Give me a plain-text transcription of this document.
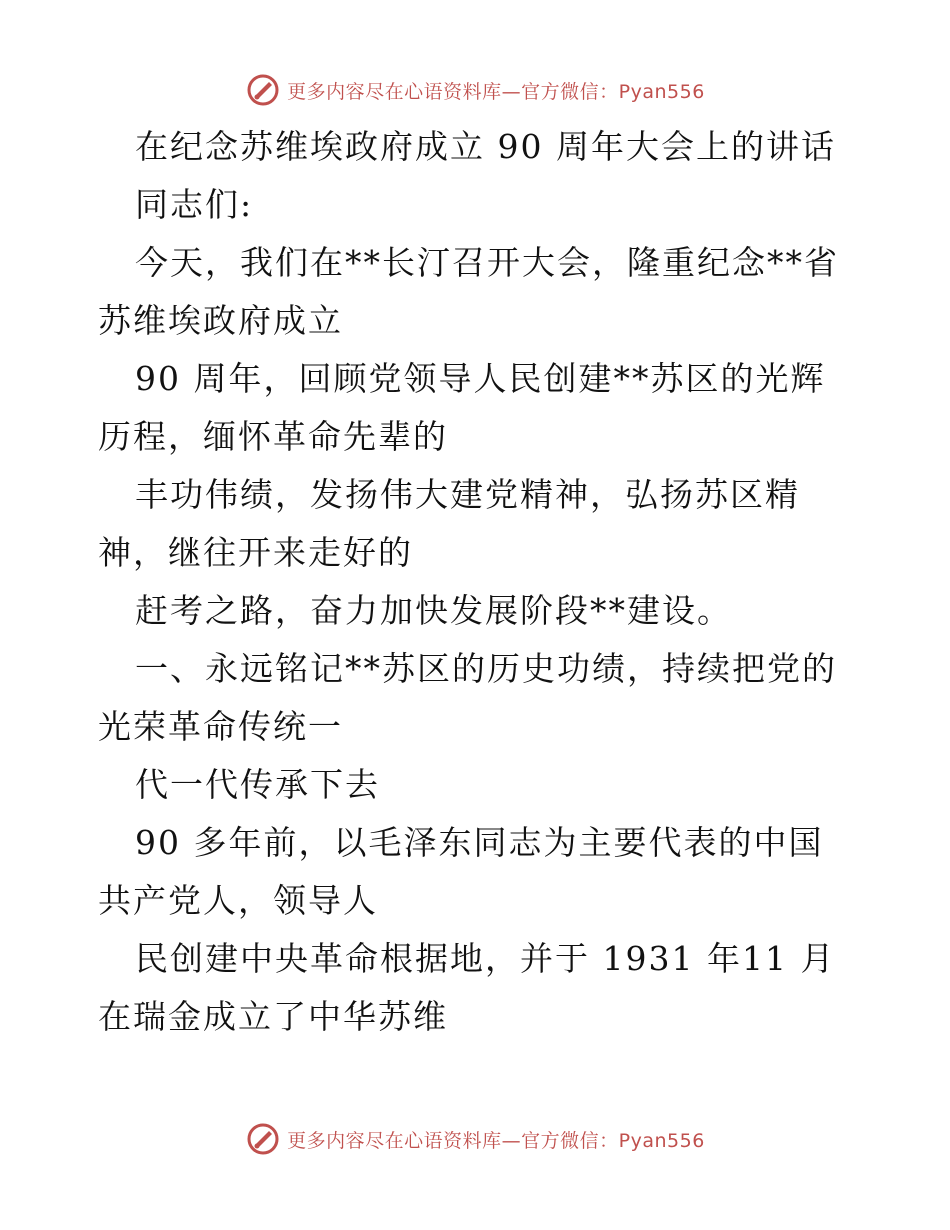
更多内容尽在心语资料库—官方微信：Pyan556

在纪念苏维埃政府成立 90 周年大会上的讲话

同志们:

今天，我们在**长汀召开大会，隆重纪念**省苏维埃政府成立

90 周年，回顾党领导人民创建**苏区的光辉历程，缅怀革命先辈的

丰功伟绩，发扬伟大建党精神，弘扬苏区精神，继往开来走好的

赶考之路，奋力加快发展阶段**建设。

一、永远铭记**苏区的历史功绩，持续把党的光荣革命传统一

代一代传承下去

90 多年前，以毛泽东同志为主要代表的中国共产党人，领导人

民创建中央革命根据地，并于 1931 年11 月在瑞金成立了中华苏维

更多内容尽在心语资料库—官方微信：Pyan556
